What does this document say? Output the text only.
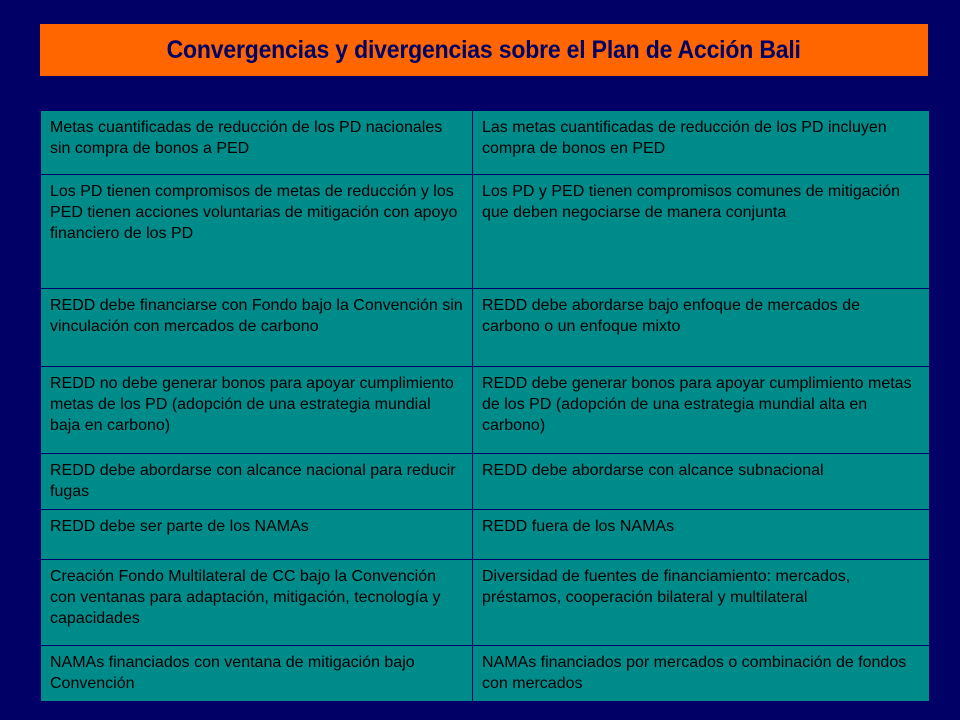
Convergencias y divergencias sobre el Plan de Acción Bali
Metas cuantificadas de reducción de los PD nacionales sin compra de bonos a PED	Las metas cuantificadas de reducción de los PD incluyen compra de bonos en PED
Los PD tienen compromisos de metas de reducción y los PED tienen acciones voluntarias de mitigación con apoyo financiero de los PD	Los PD y PED tienen compromisos comunes de mitigación que deben negociarse de manera conjunta
REDD debe financiarse con Fondo bajo la Convención sin vinculación con mercados de carbono	REDD debe abordarse bajo enfoque de mercados de carbono o un enfoque mixto
REDD no debe generar bonos para apoyar cumplimiento metas de los PD (adopción de una estrategia mundial baja en carbono)	REDD debe generar bonos para apoyar cumplimiento metas de los PD (adopción de una estrategia mundial alta en carbono)
REDD debe abordarse con alcance nacional para reducir fugas	REDD debe abordarse con alcance subnacional
REDD debe ser parte de los NAMAs	REDD fuera de los NAMAs
Creación Fondo Multilateral de CC bajo la Convención con ventanas para adaptación, mitigación, tecnología y capacidades	Diversidad de fuentes de financiamiento: mercados, préstamos, cooperación bilateral y multilateral
NAMAs financiados con ventana de mitigación bajo Convención	NAMAs financiados por mercados o combinación de fondos con mercados
